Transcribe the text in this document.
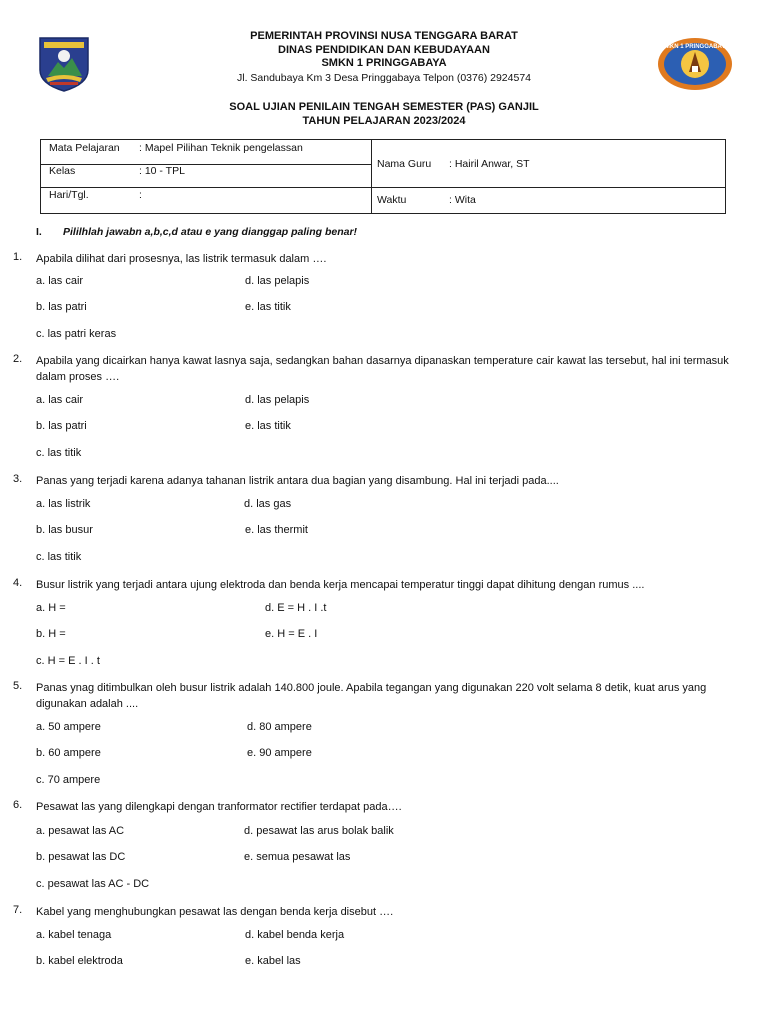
PEMERINTAH PROVINSI NUSA TENGGARA BARAT
DINAS PENDIDIKAN DAN KEBUDAYAAN
SMKN 1 PRINGGABAYA
Jl. Sandubaya Km 3 Desa Pringgabaya Telpon (0376) 2924574
SMKN 1 PRINGGABAYA
SOAL UJIAN PENILAIN TENGAH SEMESTER (PAS) GANJIL
TAHUN PELAJARAN 2023/2024
Mata Pelajaran : Mapel Pilihan Teknik pengelassan
Kelas	: 10 - TPL
Hari/Tgl.	:
Nama Guru : Hairil Anwar, ST
Waktu	: Wita
I. Pililhlah jawabn a,b,c,d atau e yang dianggap paling benar!
1. Apabila dilihat dari prosesnya, las listrik termasuk dalam ….
a. las cair	d. las pelapis
b. las patri	e. las titik
c. las patri keras
2. Apabila yang dicairkan hanya kawat lasnya saja, sedangkan bahan dasarnya dipanaskan temperature cair kawat las tersebut, hal ini termasuk dalam proses ….
a. las cair	d. las pelapis
b. las patri	e. las titik
c. las titik
3. Panas yang terjadi karena adanya tahanan listrik antara dua bagian yang disambung. Hal ini terjadi pada....
a. las listrik	d. las gas
b. las busur	e. las thermit
c. las titik
4. Busur listrik yang terjadi antara ujung elektroda dan benda kerja mencapai temperatur tinggi dapat dihitung dengan rumus ....
a. H =	d. E = H . I .t
b. H =	e. H = E . I
c. H = E . I . t
5. Panas ynag ditimbulkan oleh busur listrik adalah 140.800 joule. Apabila tegangan yang digunakan 220 volt selama 8 detik, kuat arus yang digunakan adalah ....
a. 50 ampere	d. 80 ampere
b. 60 ampere	e. 90 ampere
c. 70 ampere
6. Pesawat las yang dilengkapi dengan tranformator rectifier terdapat pada….
a. pesawat las AC	d. pesawat las arus bolak balik
b. pesawat las DC	e. semua pesawat las
c. pesawat las AC - DC
7. Kabel yang menghubungkan pesawat las dengan benda kerja disebut ….
a. kabel tenaga	d. kabel benda kerja
b. kabel elektroda	e. kabel las
